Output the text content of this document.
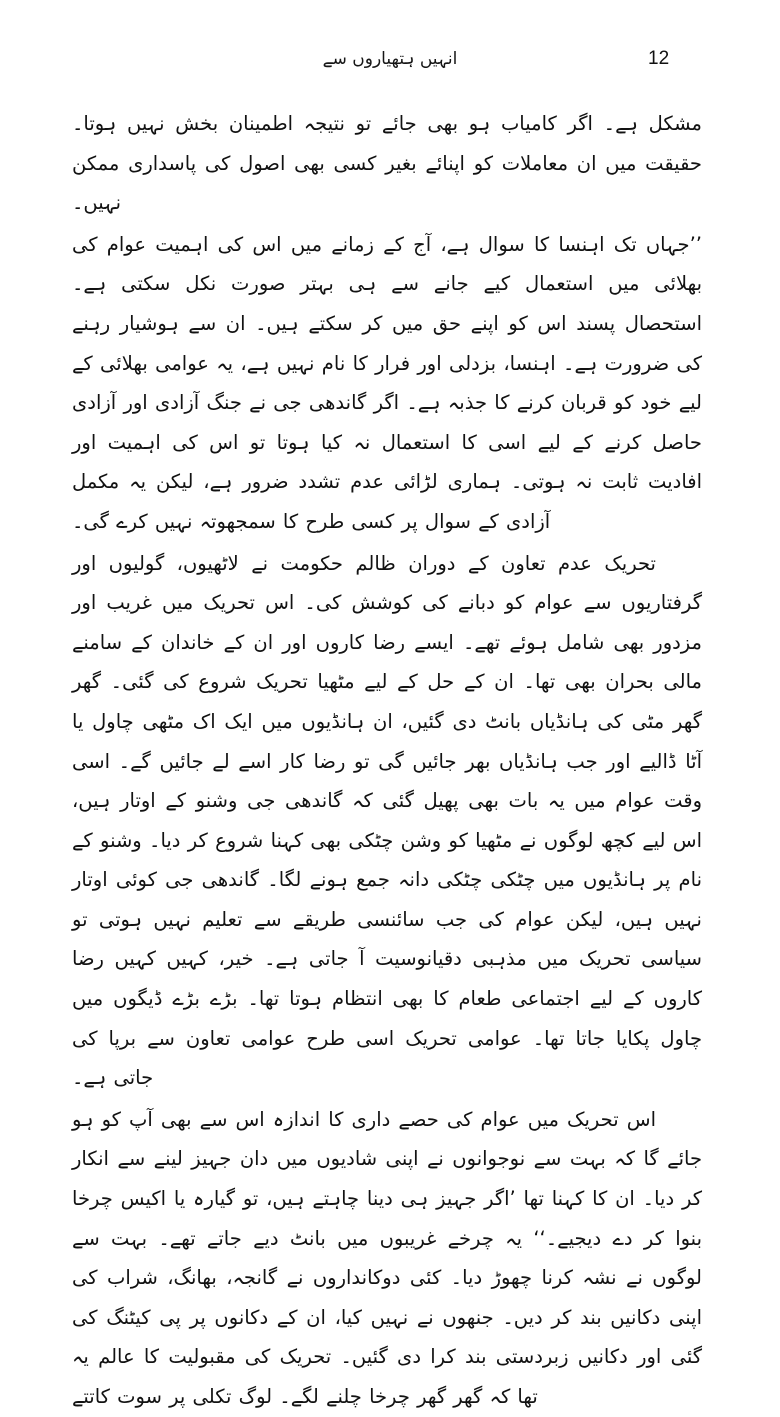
انہیں ہتھیاروں سے	12

مشکل ہے۔ اگر کامیاب ہو بھی جائے تو نتیجہ اطمینان بخش نہیں ہوتا۔ حقیقت میں ان معاملات کو اپنائے بغیر کسی بھی اصول کی پاسداری ممکن نہیں۔

’’جہاں تک اہنسا کا سوال ہے، آج کے زمانے میں اس کی اہمیت عوام کی بھلائی میں استعمال کیے جانے سے ہی بہتر صورت نکل سکتی ہے۔ استحصال پسند اس کو اپنے حق میں کر سکتے ہیں۔ ان سے ہوشیار رہنے کی ضرورت ہے۔ اہنسا، بزدلی اور فرار کا نام نہیں ہے، یہ عوامی بھلائی کے لیے خود کو قربان کرنے کا جذبہ ہے۔ اگر گاندھی جی نے جنگ آزادی اور آزادی حاصل کرنے کے لیے اسی کا استعمال نہ کیا ہوتا تو اس کی اہمیت اور افادیت ثابت نہ ہوتی۔ ہماری لڑائی عدم تشدد ضرور ہے، لیکن یہ مکمل آزادی کے سوال پر کسی طرح کا سمجھوتہ نہیں کرے گی۔

تحریک عدم تعاون کے دوران ظالم حکومت نے لاٹھیوں، گولیوں اور گرفتاریوں سے عوام کو دبانے کی کوشش کی۔ اس تحریک میں غریب اور مزدور بھی شامل ہوئے تھے۔ ایسے رضا کاروں اور ان کے خاندان کے سامنے مالی بحران بھی تھا۔ ان کے حل کے لیے مٹھیا تحریک شروع کی گئی۔ گھر گھر مٹی کی ہانڈیاں بانٹ دی گئیں، ان ہانڈیوں میں ایک اک مٹھی چاول یا آٹا ڈالیے اور جب ہانڈیاں بھر جائیں گی تو رضا کار اسے لے جائیں گے۔ اسی وقت عوام میں یہ بات بھی پھیل گئی کہ گاندھی جی وشنو کے اوتار ہیں، اس لیے کچھ لوگوں نے مٹھیا کو وشن چٹکی بھی کہنا شروع کر دیا۔ وشنو کے نام پر ہانڈیوں میں چٹکی چٹکی دانہ جمع ہونے لگا۔ گاندھی جی کوئی اوتار نہیں ہیں، لیکن عوام کی جب سائنسی طریقے سے تعلیم نہیں ہوتی تو سیاسی تحریک میں مذہبی دقیانوسیت آ جاتی ہے۔ خیر، کہیں کہیں رضا کاروں کے لیے اجتماعی طعام کا بھی انتظام ہوتا تھا۔ بڑے بڑے ڈیگوں میں چاول پکایا جاتا تھا۔ عوامی تحریک اسی طرح عوامی تعاون سے برپا کی جاتی ہے۔

اس تحریک میں عوام کی حصے داری کا اندازہ اس سے بھی آپ کو ہو جائے گا کہ بہت سے نوجوانوں نے اپنی شادیوں میں دان جہیز لینے سے انکار کر دیا۔ ان کا کہنا تھا ’اگر جہیز ہی دینا چاہتے ہیں، تو گیارہ یا اکیس چرخا بنوا کر دے دیجیے۔‘‘ یہ چرخے غریبوں میں بانٹ دیے جاتے تھے۔ بہت سے لوگوں نے نشہ کرنا چھوڑ دیا۔ کئی دوکانداروں نے گانجہ، بھانگ، شراب کی اپنی دکانیں بند کر دیں۔ جنھوں نے نہیں کیا، ان کے دکانوں پر پی کیٹنگ کی گئی اور دکانیں زبردستی بند کرا دی گئیں۔ تحریک کی مقبولیت کا عالم یہ تھا کہ گھر گھر چرخا چلنے لگے۔ لوگ تکلی پر سوت کاتتے
